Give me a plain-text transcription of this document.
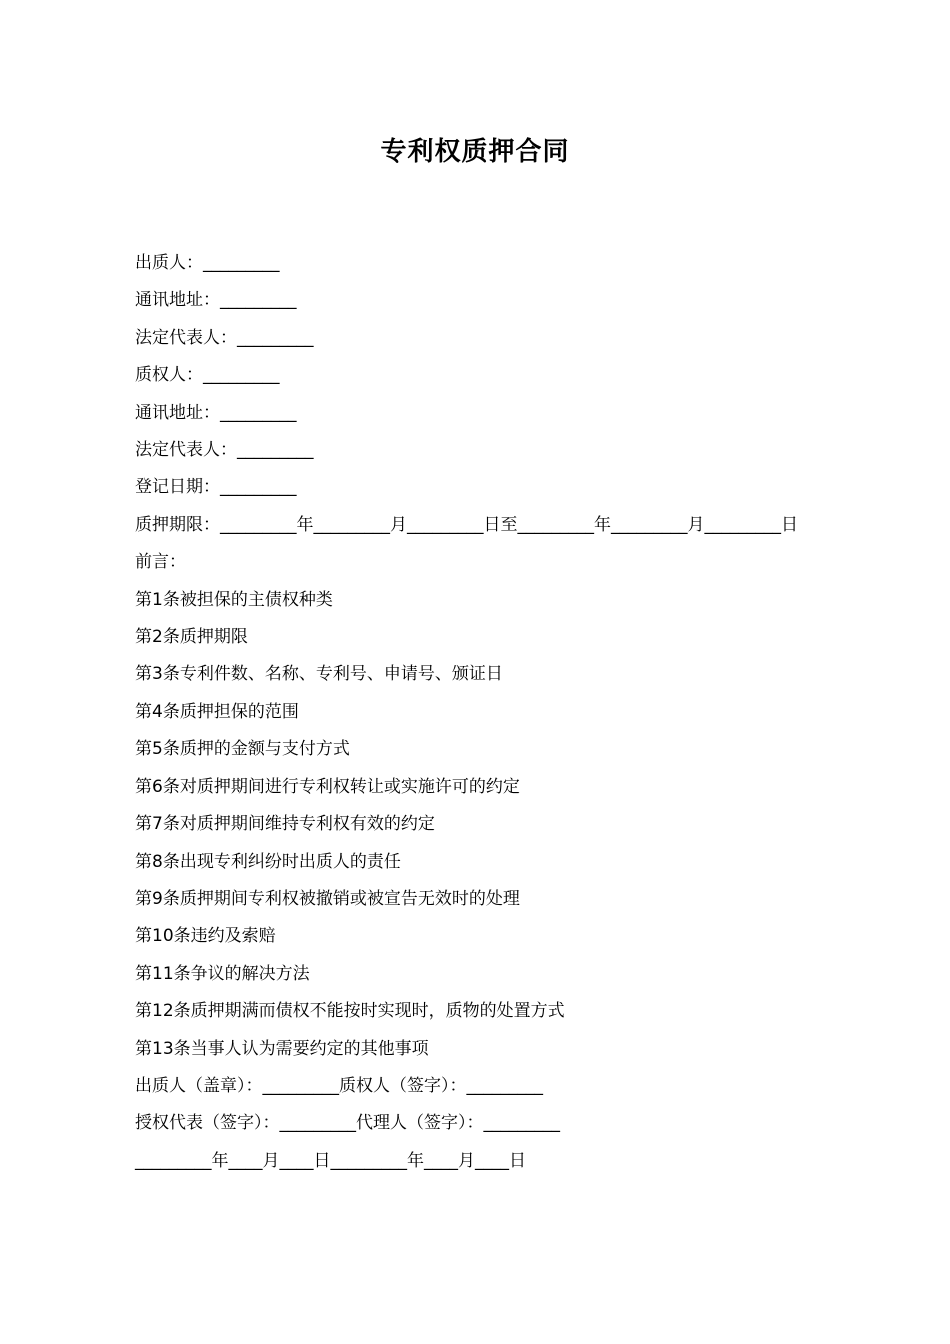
专利权质押合同
出质人：_________
通讯地址：_________
法定代表人：_________
质权人：_________
通讯地址：_________
法定代表人：_________
登记日期：_________
质押期限：_________年_________月_________日至_________年_________月_________日
前言：
第1条被担保的主债权种类
第2条质押期限
第3条专利件数、名称、专利号、申请号、颁证日
第4条质押担保的范围
第5条质押的金额与支付方式
第6条对质押期间进行专利权转让或实施许可的约定
第7条对质押期间维持专利权有效的约定
第8条出现专利纠纷时出质人的责任
第9条质押期间专利权被撤销或被宣告无效时的处理
第10条违约及索赔
第11条争议的解决方法
第12条质押期满而债权不能按时实现时，质物的处置方式
第13条当事人认为需要约定的其他事项
出质人（盖章）：_________质权人（签字）：_________
授权代表（签字）：_________代理人（签字）：_________
_________年____月____日_________年____月____日
